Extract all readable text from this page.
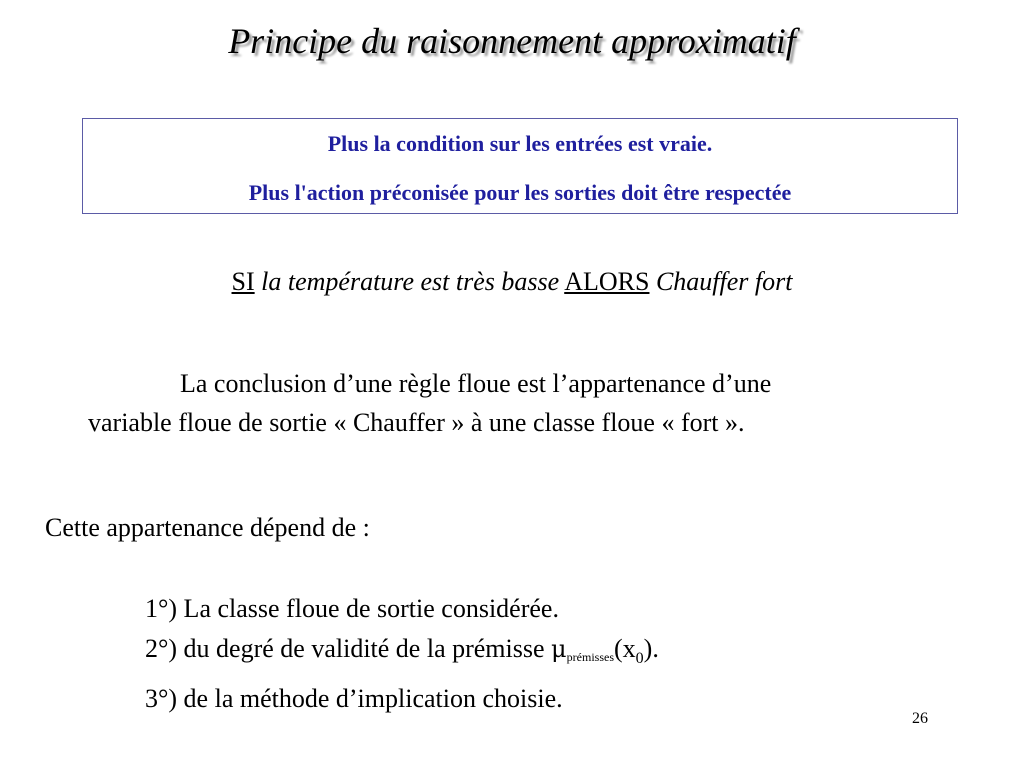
Principe du raisonnement approximatif
Plus la condition sur les entrées est vraie.
Plus l'action préconisée pour les sorties doit être respectée
SI la température est très basse ALORS Chauffer fort
La conclusion d’une règle floue est l’appartenance d’une
variable floue de sortie « Chauffer » à une classe floue « fort ».
Cette appartenance dépend de :
1°) La classe floue de sortie considérée.
2°) du degré de validité de la prémisse $\mu prémisses(x_0)$.
3°) de la méthode d’implication choisie.
26
